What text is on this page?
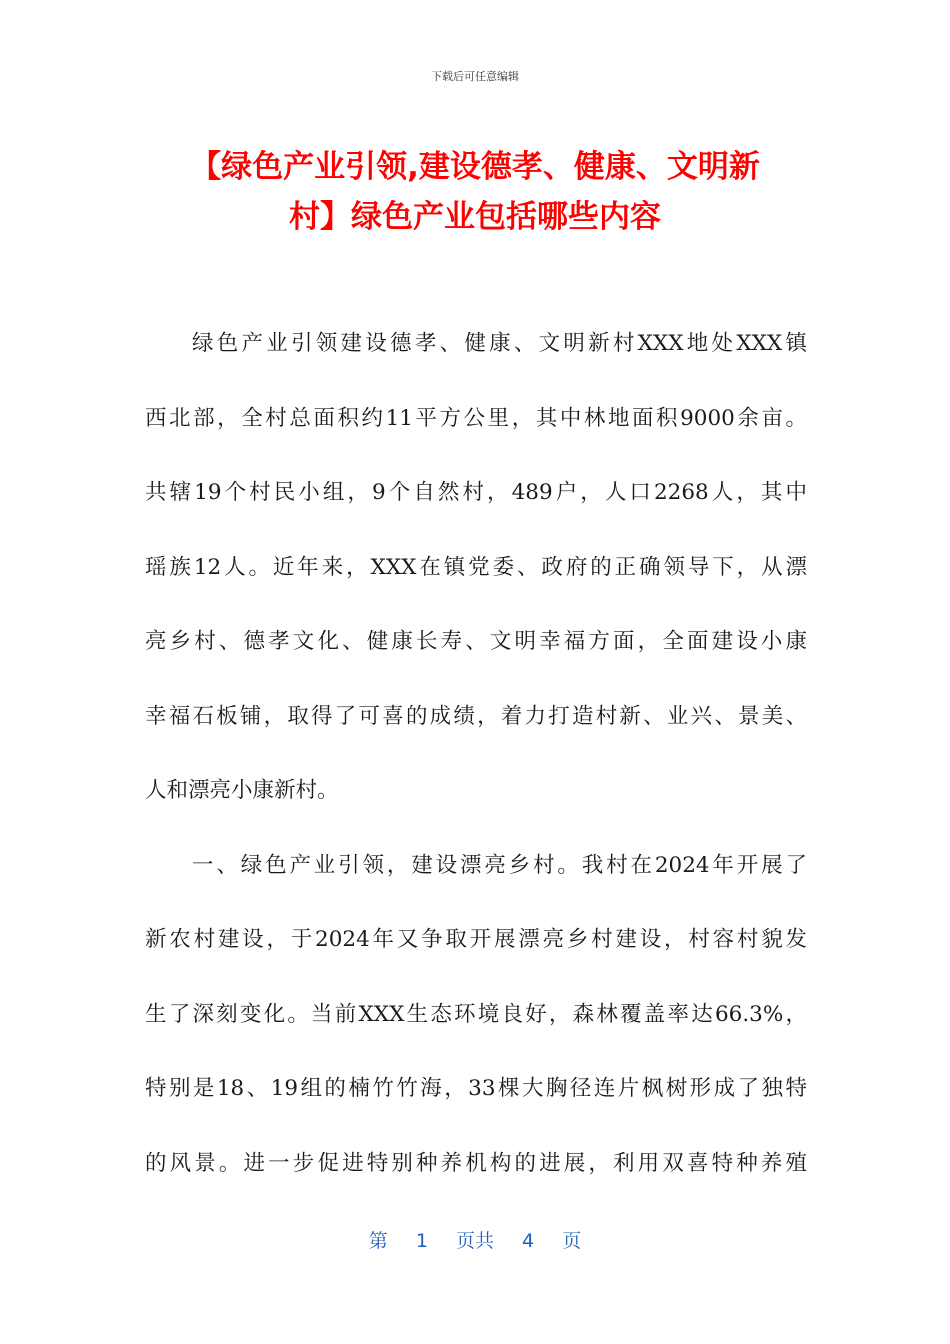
下载后可任意编辑
【绿色产业引领,建设德孝、健康、文明新
村】绿色产业包括哪些内容
绿色产业引领建设德孝、健康、文明新村XXX地处XXX镇
西北部，全村总面积约11平方公里，其中林地面积9000余亩。
共辖19个村民小组，9个自然村，489户，人口2268人，其中
瑶族12人。近年来，XXX在镇党委、政府的正确领导下，从漂
亮乡村、德孝文化、健康长寿、文明幸福方面，全面建设小康
幸福石板铺，取得了可喜的成绩，着力打造村新、业兴、景美、
人和漂亮小康新村。
一、绿色产业引领，建设漂亮乡村。我村在2024年开展了
新农村建设，于2024年又争取开展漂亮乡村建设，村容村貌发
生了深刻变化。当前XXX生态环境良好，森林覆盖率达66.3%，
特别是18、19组的楠竹竹海，33棵大胸径连片枫树形成了独特
的风景。进一步促进特别种养机构的进展，利用双喜特种养殖
第 1 页共 4 页
